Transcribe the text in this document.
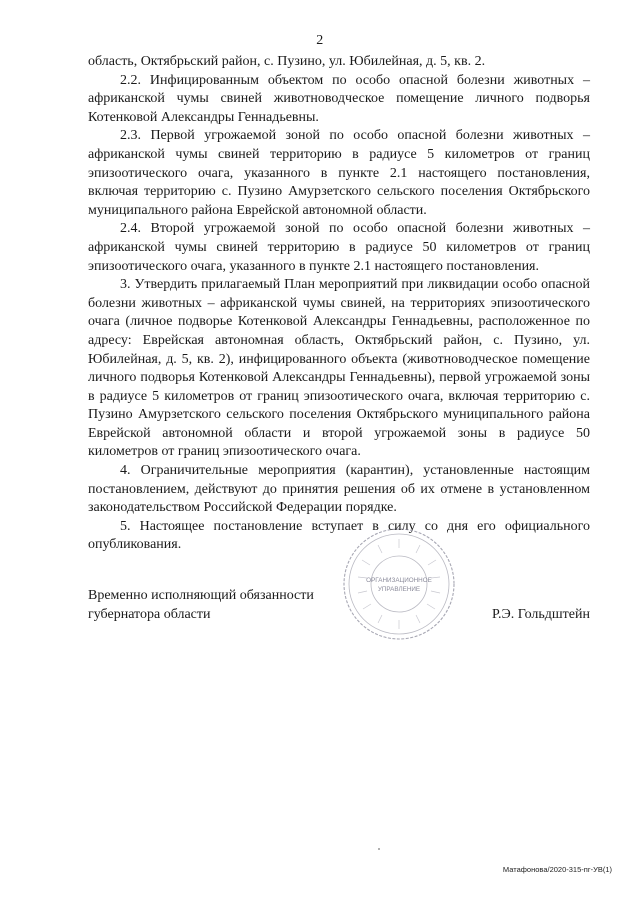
2

область, Октябрьский район, с. Пузино, ул. Юбилейная, д. 5, кв. 2.

2.2. Инфицированным объектом по особо опасной болезни животных – африканской чумы свиней животноводческое помещение личного подворья Котенковой Александры Геннадьевны.

2.3. Первой угрожаемой зоной по особо опасной болезни животных – африканской чумы свиней территорию в радиусе 5 километров от границ эпизоотического очага, указанного в пункте 2.1 настоящего постановления, включая территорию с. Пузино Амурзетского сельского поселения Октябрьского муниципального района Еврейской автономной области.

2.4. Второй угрожаемой зоной по особо опасной болезни животных – африканской чумы свиней территорию в радиусе 50 километров от границ эпизоотического очага, указанного в пункте 2.1 настоящего постановления.

3. Утвердить прилагаемый План мероприятий при ликвидации особо опасной болезни животных – африканской чумы свиней, на территориях эпизоотического очага (личное подворье Котенковой Александры Геннадьевны, расположенное по адресу: Еврейская автономная область, Октябрьский район, с. Пузино, ул. Юбилейная, д. 5, кв. 2), инфицированного объекта (животноводческое помещение личного подворья Котенковой Александры Геннадьевны), первой угрожаемой зоны в радиусе 5 километров от границ эпизоотического очага, включая территорию с. Пузино Амурзетского сельского поселения Октябрьского муниципального района Еврейской автономной области и второй угрожаемой зоны в радиусе 50 километров от границ эпизоотического очага.

4. Ограничительные мероприятия (карантин), установленные настоящим постановлением, действуют до принятия решения об их отмене в установленном законодательством Российской Федерации порядке.

5. Настоящее постановление вступает в силу со дня его официального опубликования.

ОРГАНИЗАЦИОННОЕ
УПРАВЛЕНИЕ
Временно исполняющий обязанности
губернатора области	Р.Э. Гольдштейн
Матафонова/2020-315-пг-УВ(1)
